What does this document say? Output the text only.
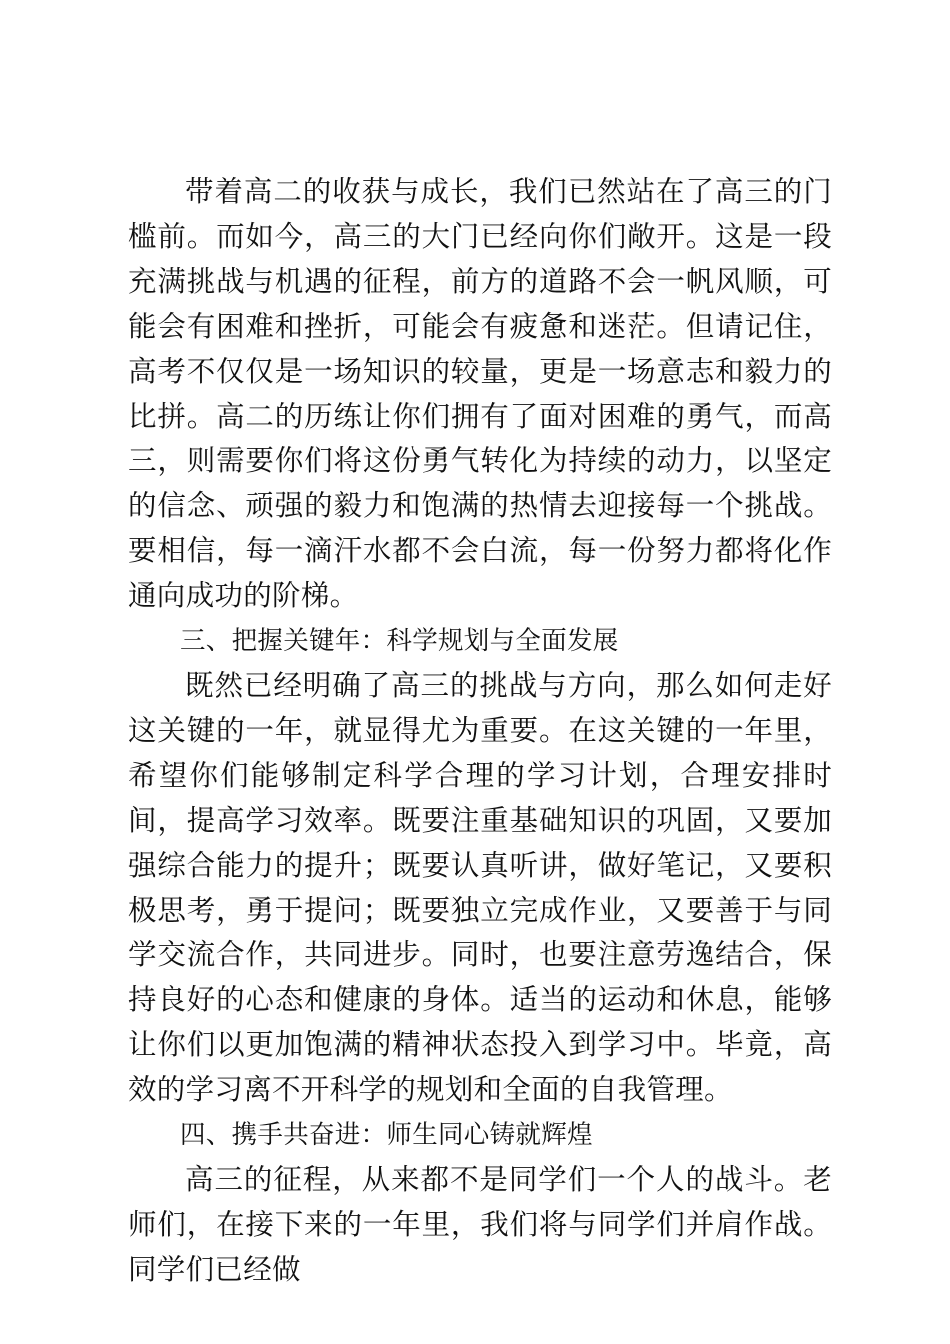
带着高二的收获与成长，我们已然站在了高三的门槛前。而如今，高三的大门已经向你们敞开。这是一段充满挑战与机遇的征程，前方的道路不会一帆风顺，可能会有困难和挫折，可能会有疲惫和迷茫。但请记住，高考不仅仅是一场知识的较量，更是一场意志和毅力的比拼。高二的历练让你们拥有了面对困难的勇气，而高三，则需要你们将这份勇气转化为持续的动力，以坚定的信念、顽强的毅力和饱满的热情去迎接每一个挑战。要相信，每一滴汗水都不会白流，每一份努力都将化作通向成功的阶梯。

三、把握关键年：科学规划与全面发展

既然已经明确了高三的挑战与方向，那么如何走好这关键的一年，就显得尤为重要。在这关键的一年里，希望你们能够制定科学合理的学习计划，合理安排时间，提高学习效率。既要注重基础知识的巩固，又要加强综合能力的提升；既要认真听讲，做好笔记，又要积极思考，勇于提问；既要独立完成作业，又要善于与同学交流合作，共同进步。同时，也要注意劳逸结合，保持良好的心态和健康的身体。适当的运动和休息，能够让你们以更加饱满的精神状态投入到学习中。毕竟，高效的学习离不开科学的规划和全面的自我管理。

四、携手共奋进：师生同心铸就辉煌

高三的征程，从来都不是同学们一个人的战斗。老师们，在接下来的一年里，我们将与同学们并肩作战。同学们已经做
